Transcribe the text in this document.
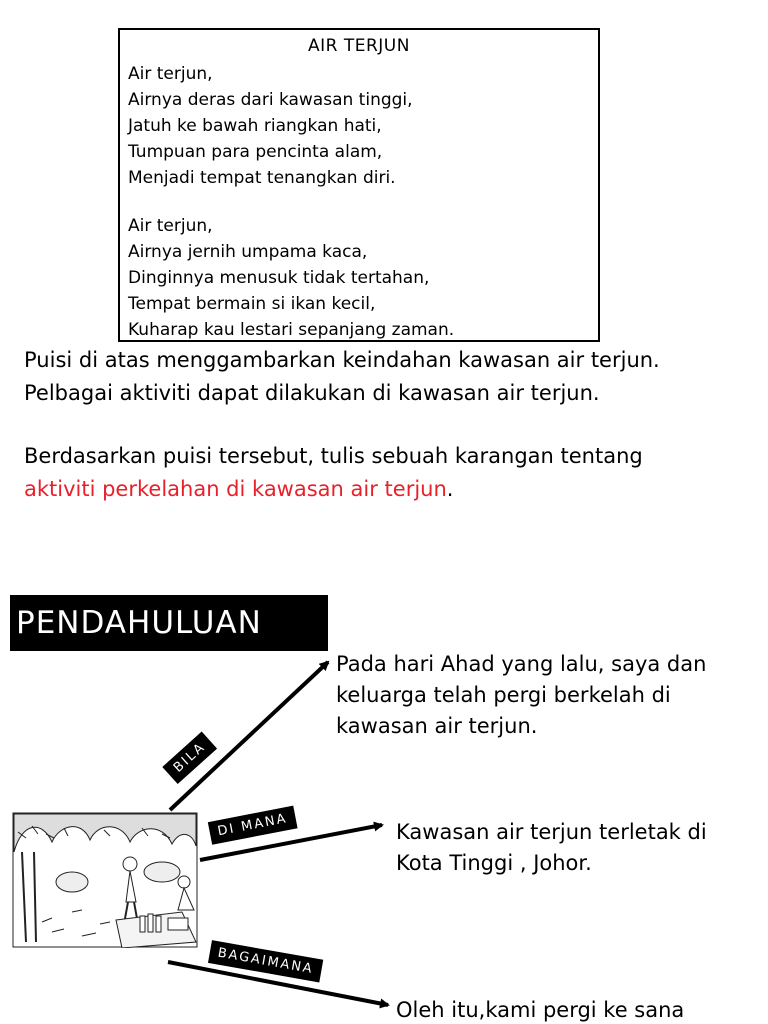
AIR TERJUN
Air terjun,
Airnya deras dari kawasan tinggi,
Jatuh ke bawah riangkan hati,
Tumpuan para pencinta alam,
Menjadi tempat tenangkan diri.
Air terjun,
Airnya jernih umpama kaca,
Dinginnya menusuk tidak tertahan,
Tempat bermain si ikan kecil,
Kuharap kau lestari sepanjang zaman.
Puisi di atas menggambarkan keindahan kawasan air terjun.
Pelbagai aktiviti dapat dilakukan di kawasan air terjun.
Berdasarkan puisi tersebut, tulis sebuah karangan tentang
aktiviti perkelahan di kawasan air terjun.
PENDAHULUAN
BILA
DI MANA
BAGAIMANA
Pada hari Ahad yang lalu, saya dan
keluarga telah pergi berkelah di
kawasan air terjun.
Kawasan air terjun terletak di
Kota Tinggi , Johor.
Oleh itu,kami pergi ke sana
